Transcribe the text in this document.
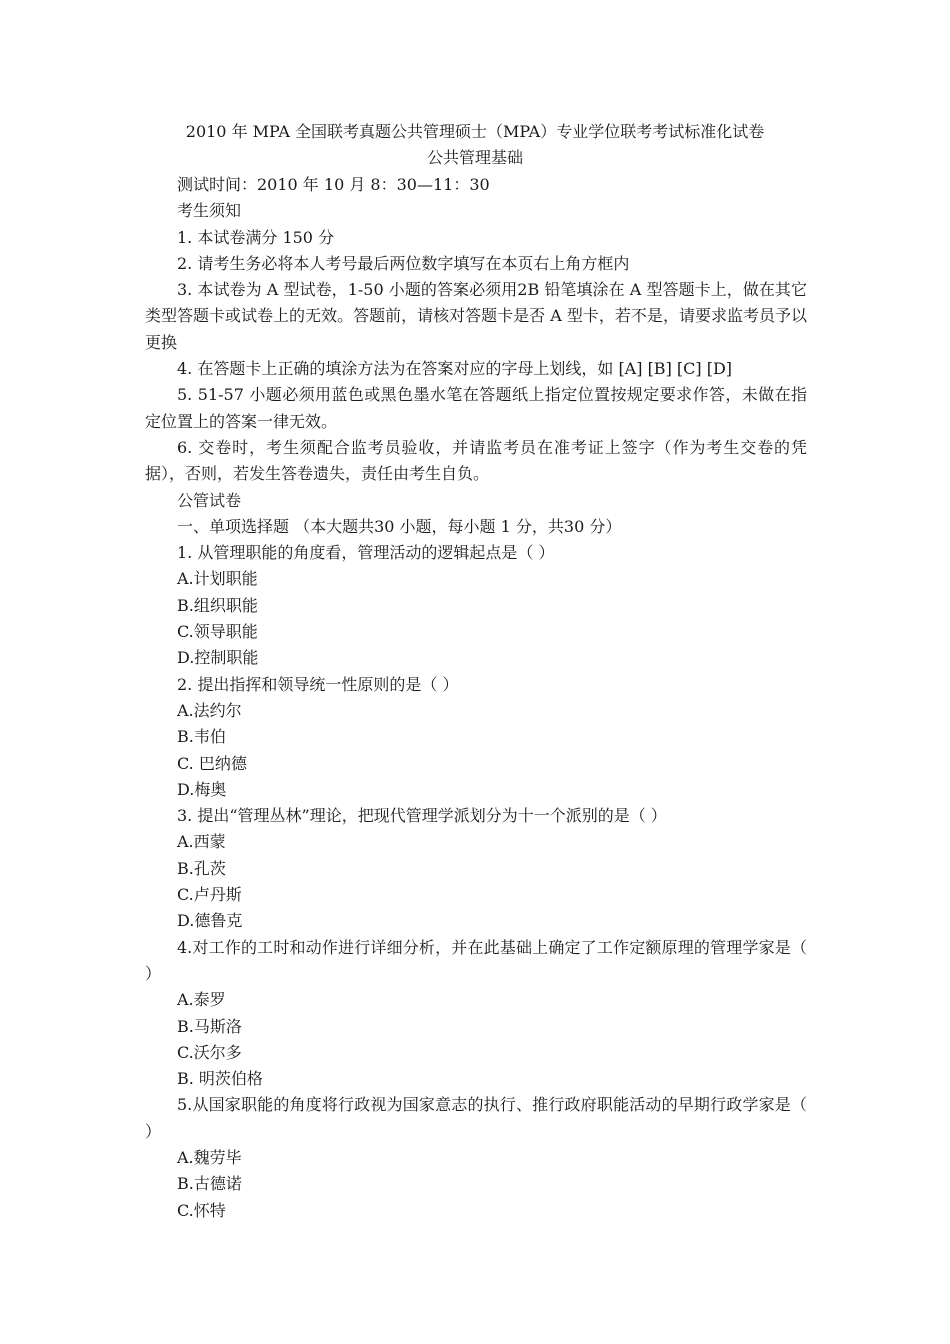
2010 年 MPA 全国联考真题公共管理硕士（MPA）专业学位联考考试标准化试卷
公共管理基础
测试时间：2010 年 10 月 8：30—11：30
考生须知
1. 本试卷满分 150 分
2. 请考生务必将本人考号最后两位数字填写在本页右上角方框内
3. 本试卷为 A 型试卷，1-50 小题的答案必须用2B 铅笔填涂在 A 型答题卡上，做在其它类型答题卡或试卷上的无效。答题前，请核对答题卡是否 A 型卡，若不是，请要求监考员予以更换
4. 在答题卡上正确的填涂方法为在答案对应的字母上划线，如 [A] [B] [C] [D]
5. 51-57 小题必须用蓝色或黑色墨水笔在答题纸上指定位置按规定要求作答，未做在指定位置上的答案一律无效。
6. 交卷时，考生须配合监考员验收，并请监考员在准考证上签字（作为考生交卷的凭据），否则，若发生答卷遗失，责任由考生自负。
公管试卷
一、单项选择题 （本大题共30 小题，每小题 1 分，共30 分）
1. 从管理职能的角度看，管理活动的逻辑起点是（ ）
A.计划职能
B.组织职能
C.领导职能
D.控制职能
2. 提出指挥和领导统一性原则的是（ ）
A.法约尔
B.韦伯
C. 巴纳德
D.梅奥
3. 提出“管理丛林”理论，把现代管理学派划分为十一个派别的是（ ）
A.西蒙
B.孔茨
C.卢丹斯
D.德鲁克
4.对工作的工时和动作进行详细分析，并在此基础上确定了工作定额原理的管理学家是（ ）
A.泰罗
B.马斯洛
C.沃尔多
B. 明茨伯格
5.从国家职能的角度将行政视为国家意志的执行、推行政府职能活动的早期行政学家是（ ）
A.魏劳毕
B.古德诺
C.怀特
